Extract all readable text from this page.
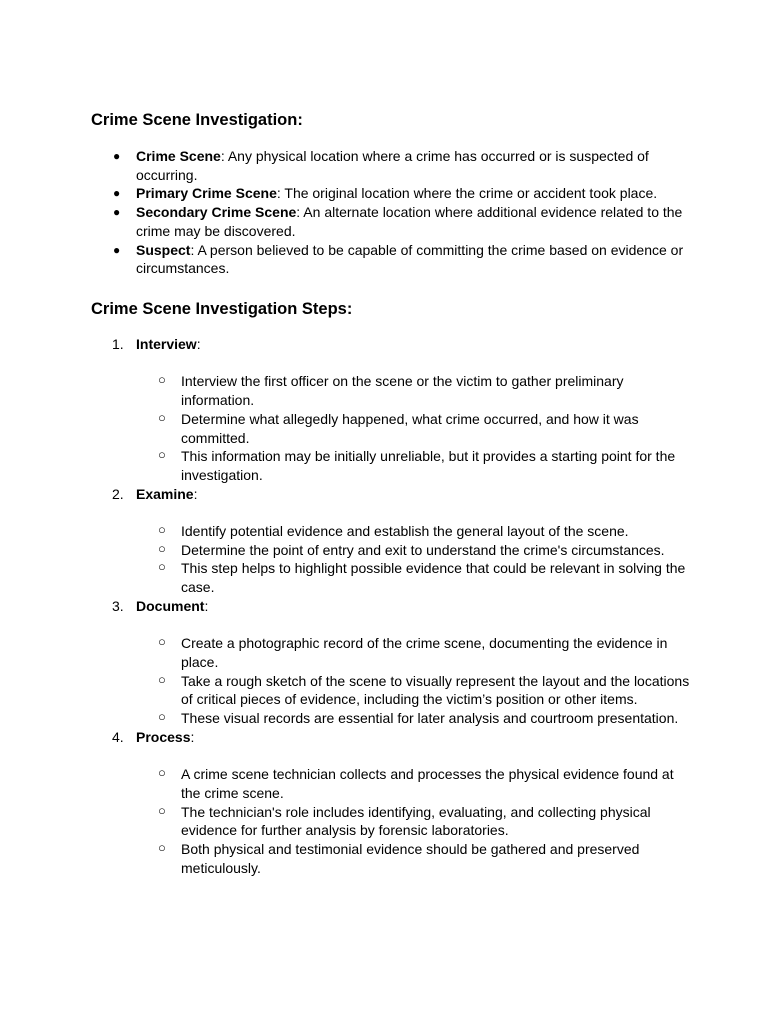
Crime Scene Investigation:
● Crime Scene: Any physical location where a crime has occurred or is suspected of occurring.
● Primary Crime Scene: The original location where the crime or accident took place.
● Secondary Crime Scene: An alternate location where additional evidence related to the crime may be discovered.
● Suspect: A person believed to be capable of committing the crime based on evidence or circumstances.
Crime Scene Investigation Steps:
1. Interview:
○ Interview the first officer on the scene or the victim to gather preliminary information.
○ Determine what allegedly happened, what crime occurred, and how it was committed.
○ This information may be initially unreliable, but it provides a starting point for the investigation.
2. Examine:
○ Identify potential evidence and establish the general layout of the scene.
○ Determine the point of entry and exit to understand the crime's circumstances.
○ This step helps to highlight possible evidence that could be relevant in solving the case.
3. Document:
○ Create a photographic record of the crime scene, documenting the evidence in place.
○ Take a rough sketch of the scene to visually represent the layout and the locations of critical pieces of evidence, including the victim’s position or other items.
○ These visual records are essential for later analysis and courtroom presentation.
4. Process:
○ A crime scene technician collects and processes the physical evidence found at the crime scene.
○ The technician's role includes identifying, evaluating, and collecting physical evidence for further analysis by forensic laboratories.
○ Both physical and testimonial evidence should be gathered and preserved meticulously.
